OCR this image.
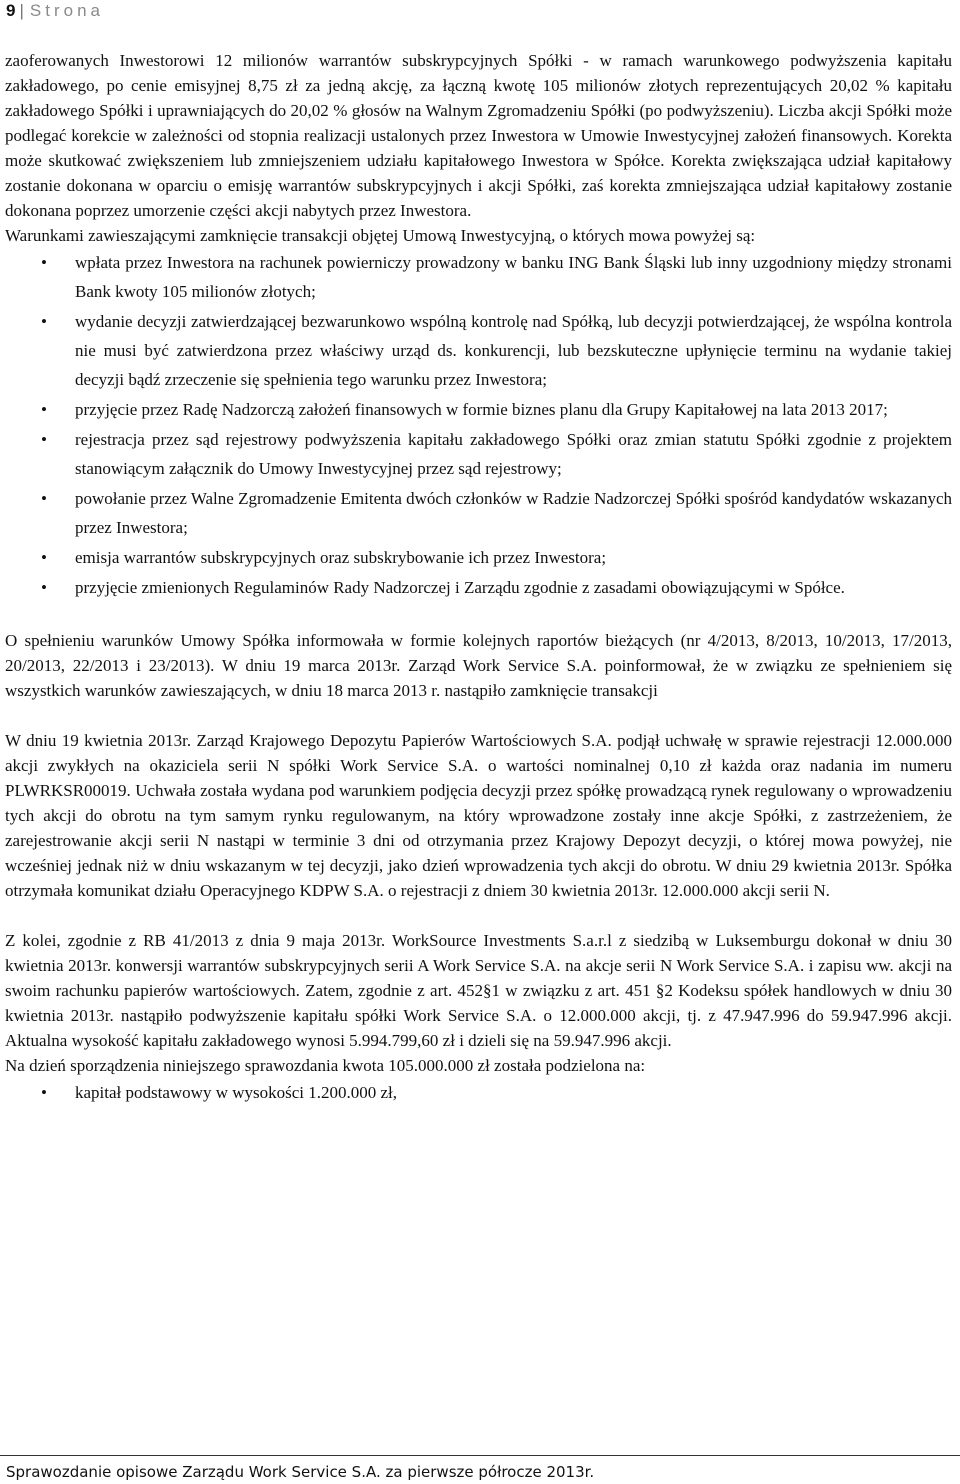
9 | Strona

zaoferowanych Inwestorowi 12 milionów warrantów subskrypcyjnych Spółki - w ramach warunkowego podwyższenia kapitału zakładowego, po cenie emisyjnej 8,75 zł za jedną akcję, za łączną kwotę 105 milionów złotych reprezentujących 20,02 % kapitału zakładowego Spółki i uprawniających do 20,02 % głosów na Walnym Zgromadzeniu Spółki (po podwyższeniu). Liczba akcji Spółki może podlegać korekcie w zależności od stopnia realizacji ustalonych przez Inwestora w Umowie Inwestycyjnej założeń finansowych. Korekta może skutkować zwiększeniem lub zmniejszeniem udziału kapitałowego Inwestora w Spółce. Korekta zwiększająca udział kapitałowy zostanie dokonana w oparciu o emisję warrantów subskrypcyjnych i akcji Spółki, zaś korekta zmniejszająca udział kapitałowy zostanie dokonana poprzez umorzenie części akcji nabytych przez Inwestora.

Warunkami zawieszającymi zamknięcie transakcji objętej Umową Inwestycyjną, o których mowa powyżej są:

• wpłata przez Inwestora na rachunek powierniczy prowadzony w banku ING Bank Śląski lub inny uzgodniony między stronami Bank kwoty 105 milionów złotych;
• wydanie decyzji zatwierdzającej bezwarunkowo wspólną kontrolę nad Spółką, lub decyzji potwierdzającej, że wspólna kontrola nie musi być zatwierdzona przez właściwy urząd ds. konkurencji, lub bezskuteczne upłynięcie terminu na wydanie takiej decyzji bądź zrzeczenie się spełnienia tego warunku przez Inwestora;
• przyjęcie przez Radę Nadzorczą założeń finansowych w formie biznes planu dla Grupy Kapitałowej na lata 2013 2017;
• rejestracja przez sąd rejestrowy podwyższenia kapitału zakładowego Spółki oraz zmian statutu Spółki zgodnie z projektem stanowiącym załącznik do Umowy Inwestycyjnej przez sąd rejestrowy;
• powołanie przez Walne Zgromadzenie Emitenta dwóch członków w Radzie Nadzorczej Spółki spośród kandydatów wskazanych przez Inwestora;
• emisja warrantów subskrypcyjnych oraz subskrybowanie ich przez Inwestora;
• przyjęcie zmienionych Regulaminów Rady Nadzorczej i Zarządu zgodnie z zasadami obowiązującymi w Spółce.

O spełnieniu warunków Umowy Spółka informowała w formie kolejnych raportów bieżących (nr 4/2013, 8/2013, 10/2013, 17/2013, 20/2013, 22/2013 i 23/2013). W dniu 19 marca 2013r. Zarząd Work Service S.A. poinformował, że w związku ze spełnieniem się wszystkich warunków zawieszających, w dniu 18 marca 2013 r. nastąpiło zamknięcie transakcji

W dniu 19 kwietnia 2013r. Zarząd Krajowego Depozytu Papierów Wartościowych S.A. podjął uchwałę w sprawie rejestracji 12.000.000 akcji zwykłych na okaziciela serii N spółki Work Service S.A. o wartości nominalnej 0,10 zł każda oraz nadania im numeru PLWRKSR00019. Uchwała została wydana pod warunkiem podjęcia decyzji przez spółkę prowadzącą rynek regulowany o wprowadzeniu tych akcji do obrotu na tym samym rynku regulowanym, na który wprowadzone zostały inne akcje Spółki, z zastrzeżeniem, że zarejestrowanie akcji serii N nastąpi w terminie 3 dni od otrzymania przez Krajowy Depozyt decyzji, o której mowa powyżej, nie wcześniej jednak niż w dniu wskazanym w tej decyzji, jako dzień wprowadzenia tych akcji do obrotu. W dniu 29 kwietnia 2013r. Spółka otrzymała komunikat działu Operacyjnego KDPW S.A. o rejestracji z dniem 30 kwietnia 2013r. 12.000.000 akcji serii N.

Z kolei, zgodnie z RB 41/2013 z dnia 9 maja 2013r. WorkSource Investments S.a.r.l z siedzibą w Luksemburgu dokonał w dniu 30 kwietnia 2013r. konwersji warrantów subskrypcyjnych serii A Work Service S.A. na akcje serii N Work Service S.A. i zapisu ww. akcji na swoim rachunku papierów wartościowych. Zatem, zgodnie z art. 452§1 w związku z art. 451 §2 Kodeksu spółek handlowych w dniu 30 kwietnia 2013r. nastąpiło podwyższenie kapitału spółki Work Service S.A. o 12.000.000 akcji, tj. z 47.947.996 do 59.947.996 akcji. Aktualna wysokość kapitału zakładowego wynosi 5.994.799,60 zł i dzieli się na 59.947.996 akcji.

Na dzień sporządzenia niniejszego sprawozdania kwota 105.000.000 zł została podzielona na:

• kapitał podstawowy w wysokości 1.200.000 zł,
Sprawozdanie opisowe Zarządu Work Service S.A. za pierwsze półrocze 2013r.
